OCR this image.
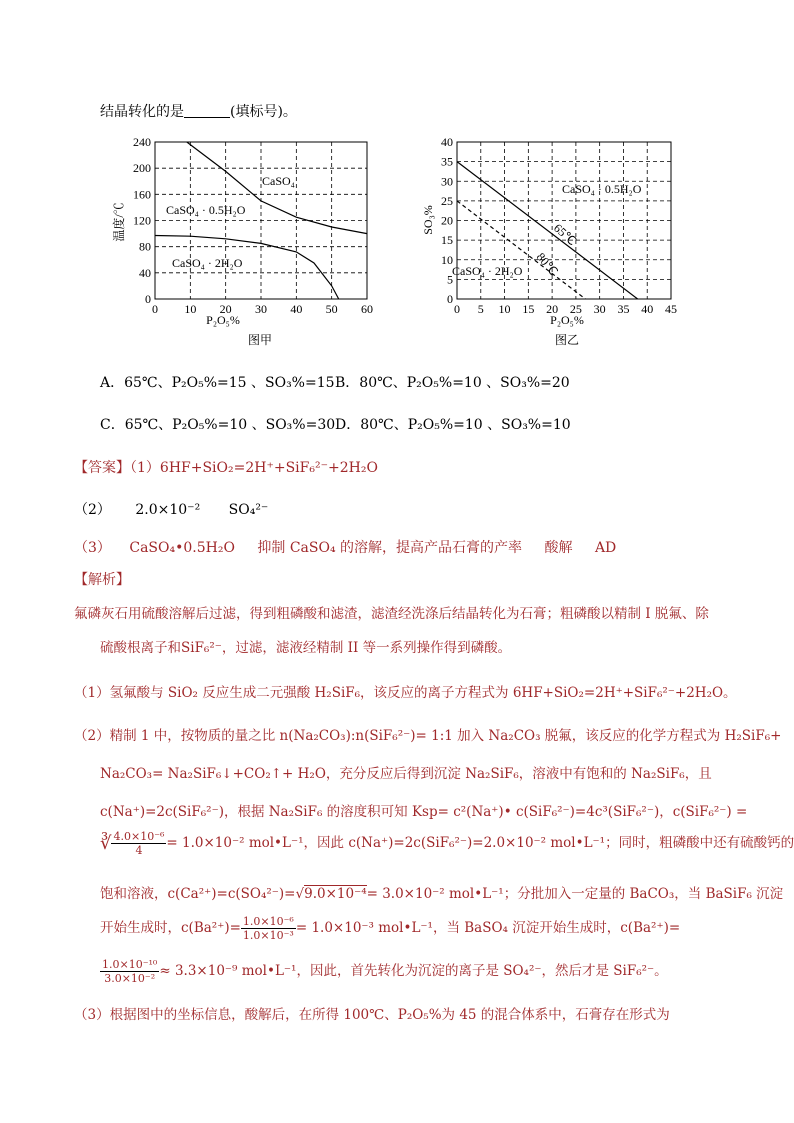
结晶转化的是	(填标号)。
0 10 20 30 40 50 60
240
200
160
120
80
40
0
P₂O₅%
温度/℃
CaSO₄
CaSO₄ · 0.5H₂O
CaSO₄ · 2H₂O
图甲
0 5 10 15 20 25 30 35 40 45
40
35
30
25
20
15
10
5
0
P₂O₅%
SO₃%
CaSO₄ · 0.5H₂O
CaSO₄ · 2H₂O
65℃
80℃
图乙
A．65℃、P₂O₅%=15 、SO₃%=15 B．80℃、P₂O₅%=10 、SO₃%=20
C．65℃、P₂O₅%=10 、SO₃%=30 D．80℃、P₂O₅%=10 、SO₃%=10
【答案】（1）6HF+SiO₂=2H⁺+SiF₆²⁻+2H₂O
（2） 2.0×10⁻² SO₄²⁻
（3） CaSO₄•0.5H₂O 抑制 CaSO₄ 的溶解，提高产品石膏的产率 酸解 AD
【解析】
氟磷灰石用硫酸溶解后过滤，得到粗磷酸和滤渣，滤渣经洗涤后结晶转化为石膏；粗磷酸以精制 I 脱氟、除
硫酸根离子和SiF₆²⁻，过滤，滤液经精制 II 等一系列操作得到磷酸。
（1）氢氟酸与 SiO₂ 反应生成二元强酸 H₂SiF₆，该反应的离子方程式为 6HF+SiO₂=2H⁺+SiF₆²⁻+2H₂O。
（2）精制 1 中，按物质的量之比 n(Na₂CO₃):n(SiF₆²⁻)= 1:1 加入 Na₂CO₃ 脱氟，该反应的化学方程式为 H₂SiF₆+
Na₂CO₃= Na₂SiF₆↓+CO₂↑+ H₂O，充分反应后得到沉淀 Na₂SiF₆，溶液中有饱和的 Na₂SiF₆，且
c(Na⁺)=2c(SiF₆²⁻)，根据 Na₂SiF₆ 的溶度积可知 Ksp= c²(Na⁺)• c(SiF₆²⁻)=4c³(SiF₆²⁻)，c(SiF₆²⁻) =
∛ $\frac{\text{4.0×10⁻⁶}}{4} = 1.0\times 10^{-2}$ mol•L⁻¹，因此 c(Na⁺)=2c(SiF₆²⁻)=2.0×10⁻² mol•L⁻¹；同时，粗磷酸中还有硫酸钙的
饱和溶液，c(Ca²⁺)=c(SO₄²⁻)=√9.0×10⁻⁴= 3.0×10⁻² mol•L⁻¹；分批加入一定量的 BaCO₃，当 BaSiF₆ 沉淀
开始生成时，$c(Ba^{2+})= \frac{\text{1.0×10⁻⁶}}{\text{1.0×10⁻³}} = 1.0\times 10^{-3}$ mol•L⁻¹，当 BaSO₄ 沉淀开始生成时，c(Ba²⁺)=
$\frac{\text{1.0×10⁻¹⁰}}{\text{3.0×10⁻²}} \approx 3.3\times 10^{-9}$ mol•L⁻¹，因此，首先转化为沉淀的离子是 SO₄²⁻，然后才是 SiF₆²⁻。
（3）根据图中的坐标信息，酸解后，在所得 100℃、P₂O₅%为 45 的混合体系中，石膏存在形式为
